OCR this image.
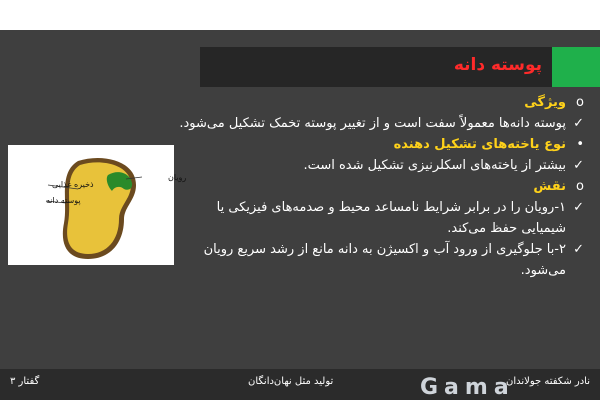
پوسته دانه
o
ویژگی
✓
پوسته دانه‌ها معمولاً سفت است و از تغییر پوسته تخمک تشکیل می‌شود.
•
نوع یاخته‌های تشکیل دهنده
✓
بیشتر از یاخته‌های اسکلرنیزی تشکیل شده است.
o
نقش
✓
۱-رویان را در برابر شرایط نامساعد محیط و صدمه‌های فیزیکی یا شیمیایی حفظ می‌کند.
✓
۲-با جلوگیری از ورود آب و اکسیژن به دانه مانع از رشد سریع رویان می‌شود.
رویان
ذخیره غذایی
پوسته دانه
نادر شکفته جولاندان
تولید مثل نهان‌دانگان
گفتار ۳	Gama
